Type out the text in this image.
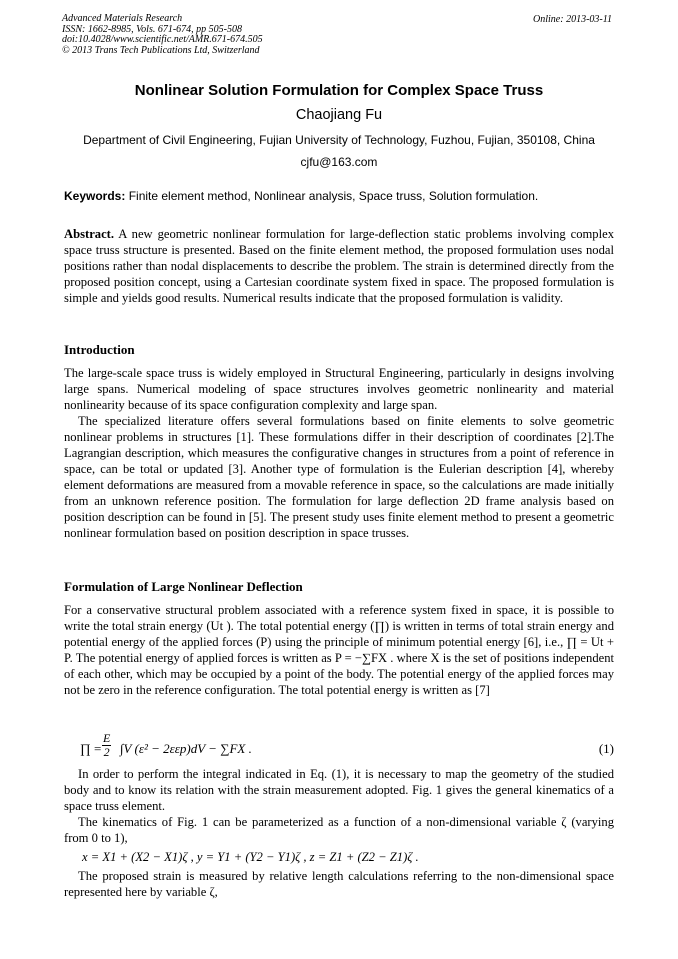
Advanced Materials Research
ISSN: 1662-8985, Vols. 671-674, pp 505-508
doi:10.4028/www.scientific.net/AMR.671-674.505
© 2013 Trans Tech Publications Ltd, Switzerland
Online: 2013-03-11
Nonlinear Solution Formulation for Complex Space Truss
Chaojiang Fu
Department of Civil Engineering, Fujian University of Technology, Fuzhou, Fujian, 350108, China
cjfu@163.com
Keywords: Finite element method, Nonlinear analysis, Space truss, Solution formulation.

Abstract. A new geometric nonlinear formulation for large-deflection static problems involving complex space truss structure is presented. Based on the finite element method, the proposed formulation uses nodal positions rather than nodal displacements to describe the problem. The strain is determined directly from the proposed position concept, using a Cartesian coordinate system fixed in space. The proposed formulation is simple and yields good results. Numerical results indicate that the proposed formulation is validity.

Introduction

The large-scale space truss is widely employed in Structural Engineering, particularly in designs involving large spans. Numerical modeling of space structures involves geometric nonlinearity and material nonlinearity because of its space configuration complexity and large span.

The specialized literature offers several formulations based on finite elements to solve geometric nonlinear problems in structures [1]. These formulations differ in their description of coordinates [2].The Lagrangian description, which measures the configurative changes in structures from a point of reference in space, can be total or updated [3]. Another type of formulation is the Eulerian description [4], whereby element deformations are measured from a movable reference in space, so the calculations are made initially from an unknown reference position. The formulation for large deflection 2D frame analysis based on position description can be found in [5]. The present study uses finite element method to present a geometric nonlinear formulation based on position description in space trusses.

Formulation of Large Nonlinear Deflection

For a conservative structural problem associated with a reference system fixed in space, it is possible to write the total strain energy (Ut ). The total potential energy (∏) is written in terms of total strain energy and potential energy of the applied forces (P) using the principle of minimum potential energy [6], i.e., ∏ = Ut + P. The potential energy of applied forces is written as P = −∑FX . where X is the set of positions independent of each other, which may be occupied by a point of the body. The potential energy of the applied forces may not be zero in the reference configuration. The total potential energy is written as [7]

∏ = $\frac{E}{2} \int V$ (ε² − 2εεp)dV − ∑FX .	(1)

In order to perform the integral indicated in Eq. (1), it is necessary to map the geometry of the studied body and to know its relation with the strain measurement adopted. Fig. 1 gives the general kinematics of a space truss element.

The kinematics of Fig. 1 can be parameterized as a function of a non-dimensional variable ζ (varying from 0 to 1),

x = X1 + (X2 − X1)ζ , y = Y1 + (Y2 − Y1)ζ , z = Z1 + (Z2 − Z1)ζ .

The proposed strain is measured by relative length calculations referring to the non-dimensional space represented here by variable ζ,
